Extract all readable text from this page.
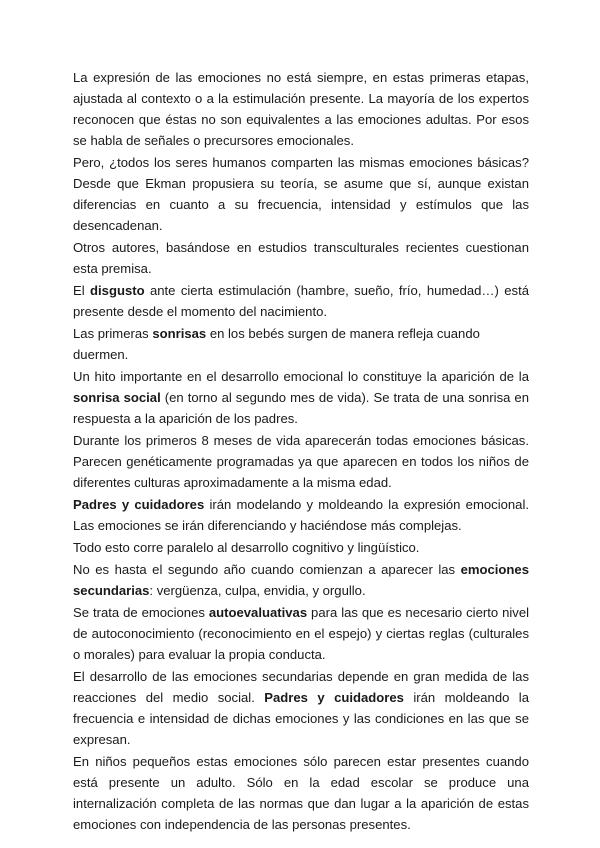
La expresión de las emociones no está siempre, en estas primeras etapas, ajustada al contexto o a la estimulación presente. La mayoría de los expertos reconocen que éstas no son equivalentes a las emociones adultas. Por esos se habla de señales o precursores emocionales.

Pero, ¿todos los seres humanos comparten las mismas emociones básicas? Desde que Ekman propusiera su teoría, se asume que sí, aunque existan diferencias en cuanto a su frecuencia, intensidad y estímulos que las desencadenan.

Otros autores, basándose en estudios transculturales recientes cuestionan esta premisa.

El disgusto ante cierta estimulación (hambre, sueño, frío, humedad…) está presente desde el momento del nacimiento.

Las primeras sonrisas en los bebés surgen de manera refleja cuando duermen.

Un hito importante en el desarrollo emocional lo constituye la aparición de la sonrisa social (en torno al segundo mes de vida). Se trata de una sonrisa en respuesta a la aparición de los padres.

Durante los primeros 8 meses de vida aparecerán todas emociones básicas. Parecen genéticamente programadas ya que aparecen en todos los niños de diferentes culturas aproximadamente a la misma edad.

Padres y cuidadores irán modelando y moldeando la expresión emocional. Las emociones se irán diferenciando y haciéndose más complejas.

Todo esto corre paralelo al desarrollo cognitivo y lingüístico.

No es hasta el segundo año cuando comienzan a aparecer las emociones secundarias: vergüenza, culpa, envidia, y orgullo.

Se trata de emociones autoevaluativas para las que es necesario cierto nivel de autoconocimiento (reconocimiento en el espejo) y ciertas reglas (culturales o morales) para evaluar la propia conducta.

El desarrollo de las emociones secundarias depende en gran medida de las reacciones del medio social. Padres y cuidadores irán moldeando la frecuencia e intensidad de dichas emociones y las condiciones en las que se expresan.

En niños pequeños estas emociones sólo parecen estar presentes cuando está presente un adulto. Sólo en la edad escolar se produce una internalización completa de las normas que dan lugar a la aparición de estas emociones con independencia de las personas presentes.
